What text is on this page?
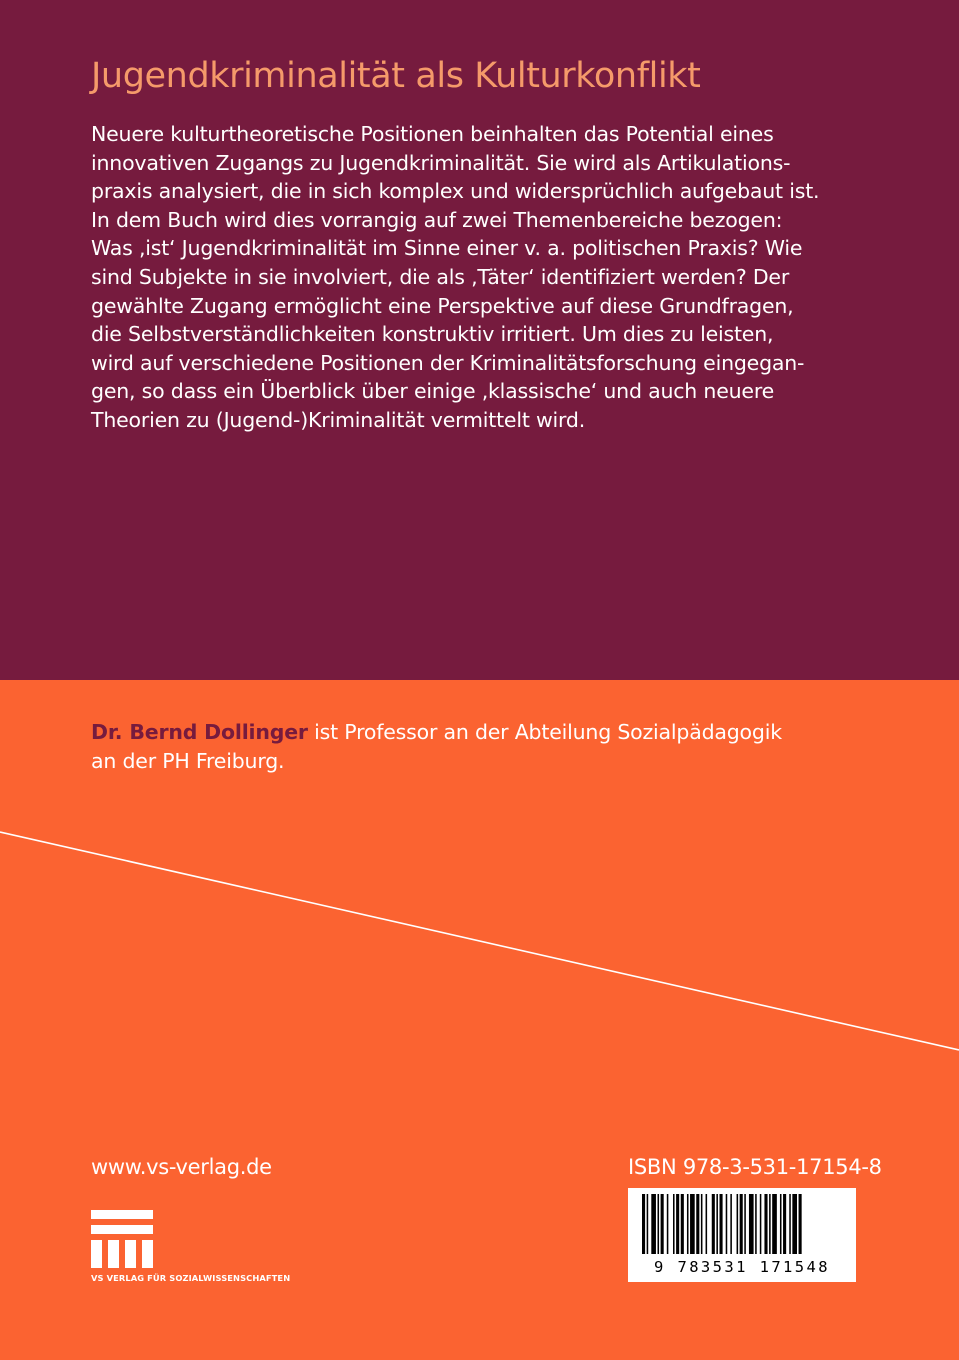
Jugendkriminalität als Kulturkonflikt
Neuere kulturtheoretische Positionen beinhalten das Potential eines
innovativen Zugangs zu Jugendkriminalität. Sie wird als Artikulations-
praxis analysiert, die in sich komplex und widersprüchlich aufgebaut ist.
In dem Buch wird dies vorrangig auf zwei Themenbereiche bezogen:
Was ‚ist‘ Jugendkriminalität im Sinne einer v. a. politischen Praxis? Wie
sind Subjekte in sie involviert, die als ‚Täter‘ identifiziert werden? Der
gewählte Zugang ermöglicht eine Perspektive auf diese Grundfragen,
die Selbstverständlichkeiten konstruktiv irritiert. Um dies zu leisten,
wird auf verschiedene Positionen der Kriminalitätsforschung eingegan-
gen, so dass ein Überblick über einige ‚klassische‘ und auch neuere
Theorien zu (Jugend-)Kriminalität vermittelt wird.
Dr. Bernd Dollinger ist Professor an der Abteilung Sozialpädagogik
an der PH Freiburg.
www.vs-verlag.de
VS VERLAG FÜR SOZIALWISSENSCHAFTEN
ISBN 978-3-531-17154-8
9 783531 171548
